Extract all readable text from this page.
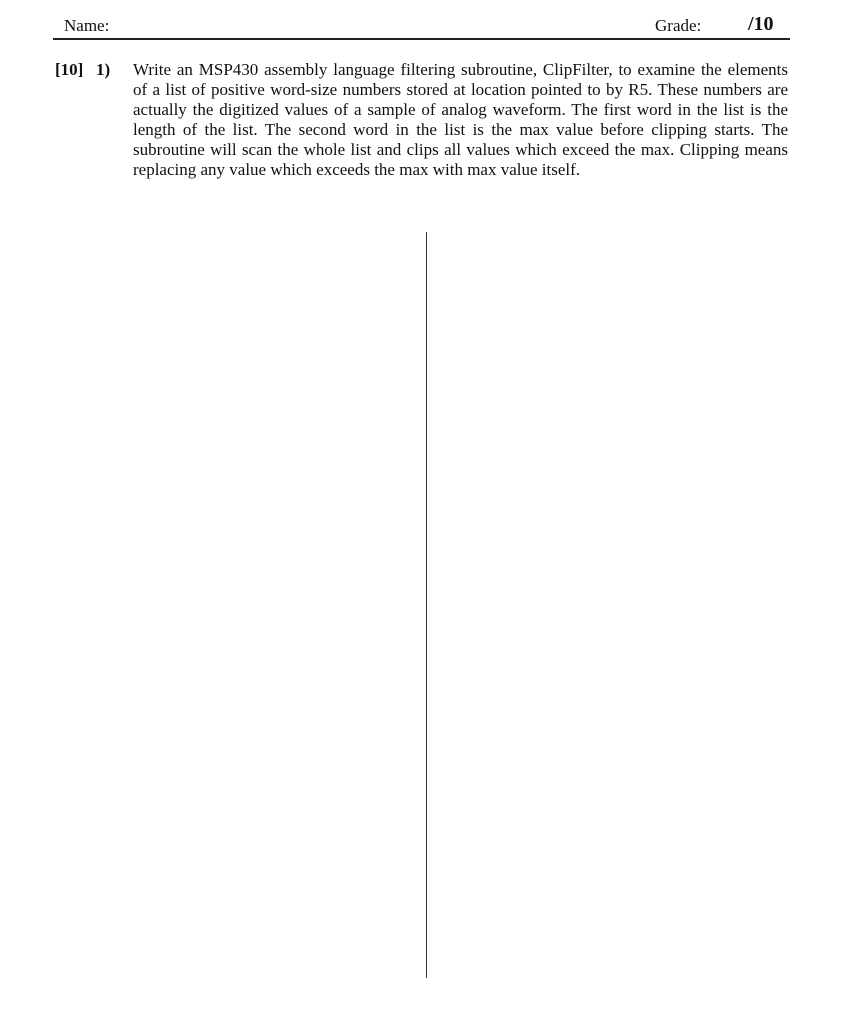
Name:	Grade: /10
[10] 1) Write an MSP430 assembly language filtering subroutine, ClipFilter, to examine the elements of a list of positive word-size numbers stored at location pointed to by R5. These numbers are actually the digitized values of a sample of analog waveform. The first word in the list is the length of the list. The second word in the list is the max value before clipping starts. The subroutine will scan the whole list and clips all values which exceed the max. Clipping means replacing any value which exceeds the max with max value itself.
